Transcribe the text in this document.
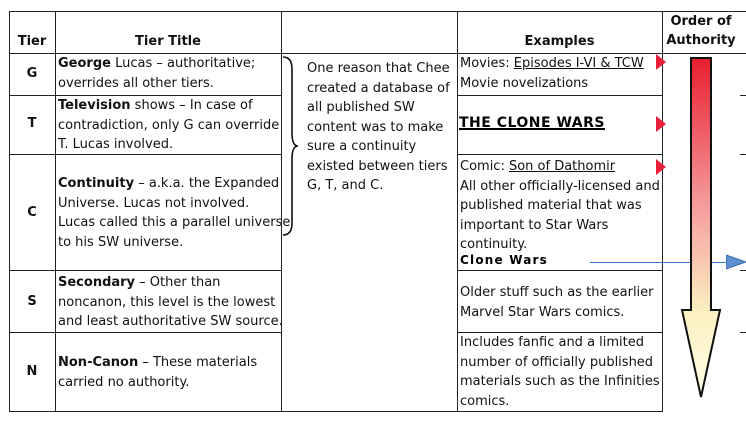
Tier	Tier Title	Examples
Order of
Authority
G
T
C
S
N
George Lucas – authoritative;
overrides all other tiers.
Television shows – In case of
contradiction, only G can override
T. Lucas involved.
Continuity – a.k.a. the Expanded
Universe. Lucas not involved.
Lucas called this a parallel universe
to his SW universe.
Secondary – Other than
noncanon, this level is the lowest
and least authoritative SW source.
Non-Canon – These materials
carried no authority.
One reason that Chee
created a database of
all published SW
content was to make
sure a continuity
existed between tiers
G, T, and C.
Movies: Episodes I-VI & TCW
Movie novelizations
THE CLONE WARS
Comic: Son of Dathomir
All other officially-licensed and
published material that was
important to Star Wars
continuity.
Clone Wars
Older stuff such as the earlier
Marvel Star Wars comics.
Includes fanfic and a limited
number of officially published
materials such as the Infinities
comics.
